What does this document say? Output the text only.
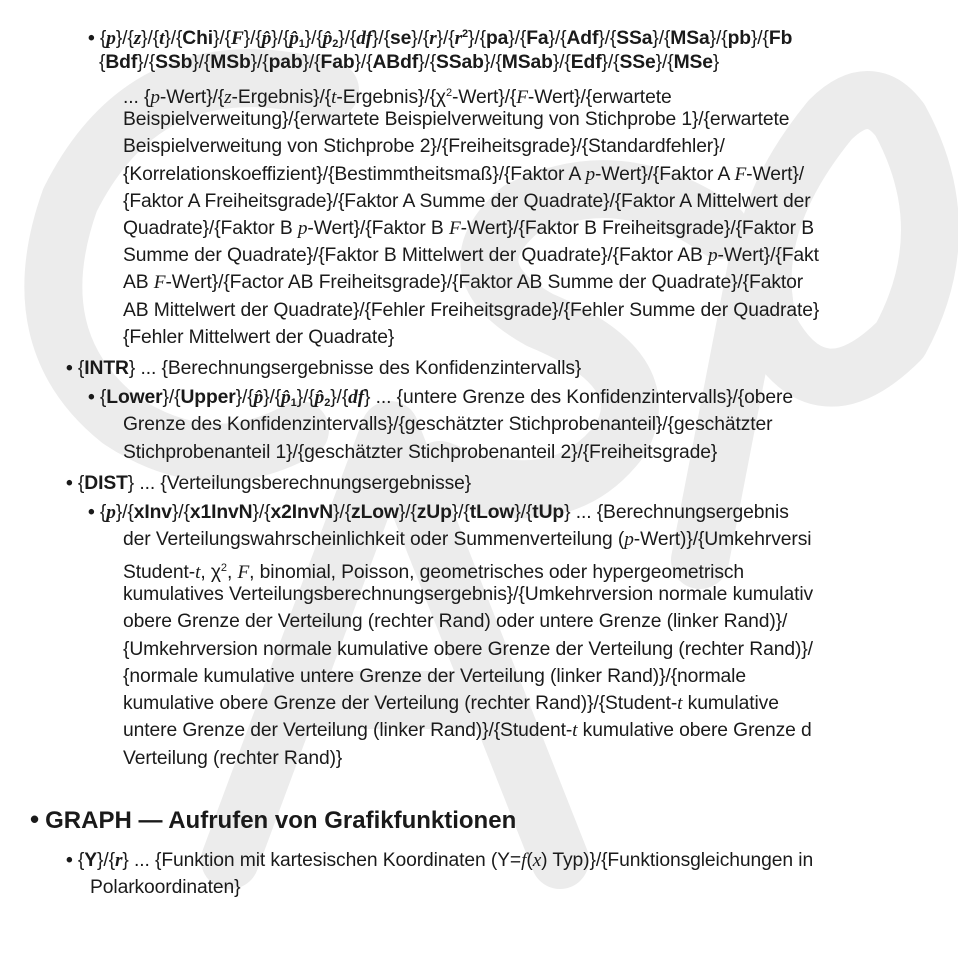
• $\{p\}/\{z\}/\{t\}/\{Chi\}/\{F\}/\{p̂\}/\{p̂_1\}/\{p̂_2\}/\{df\}/\{se\}/\{r\}/\{r^2\}/\{pa\}/\{Fa\}/\{Adf\}/\{SSa\}/\{MSa\}/\{pb\}/\{Fb$
{Bdf}/{SSb}/{MSb}/{pab}/{Fab}/{ABdf}/{SSab}/{MSab}/{Edf}/{SSe}/{MSe}
... $\{p-Wert\}/\{z-Ergebnis\}/\{t-Ergebnis\}/\{\chi^2-Wert\}/\{F-Wert\}/\{erwartete$
Beispielverweitung}/{erwartete Beispielverweitung von Stichprobe 1}/{erwartete
Beispielverweitung von Stichprobe 2}/{Freiheitsgrade}/{Standardfehler}/
{Korrelationskoeffizient}/{Bestimmtheitsmaß}/{Faktor A p-Wert}/{Faktor A F-Wert}/
{Faktor A Freiheitsgrade}/{Faktor A Summe der Quadrate}/{Faktor A Mittelwert der
Quadrate}/{Faktor B p-Wert}/{Faktor B F-Wert}/{Faktor B Freiheitsgrade}/{Faktor B
Summe der Quadrate}/{Faktor B Mittelwert der Quadrate}/{Faktor AB p-Wert}/{Fakt
AB F-Wert}/{Factor AB Freiheitsgrade}/{Faktor AB Summe der Quadrate}/{Faktor
AB Mittelwert der Quadrate}/{Fehler Freiheitsgrade}/{Fehler Summe der Quadrate}
{Fehler Mittelwert der Quadrate}
• {INTR} ... {Berechnungsergebnisse des Konfidenzintervalls}
• $\{Lower\}/\{Upper\}/\{p̂\}/\{p̂_1\}/\{p̂_2\}/\{df\}$ ... {untere Grenze des Konfidenzintervalls}/{obere
Grenze des Konfidenzintervalls}/{geschätzter Stichprobenanteil}/{geschätzter
Stichprobenanteil 1}/{geschätzter Stichprobenanteil 2}/{Freiheitsgrade}
• {DIST} ... {Verteilungsberechnungsergebnisse}
• {p}/{xInv}/{x1InvN}/{x2InvN}/{zLow}/{zUp}/{tLow}/{tUp} ... {Berechnungsergebnis
der Verteilungswahrscheinlichkeit oder Summenverteilung (p-Wert)}/{Umkehrversi
Student-t, $\chi^2$, F, binomial, Poisson, geometrisches oder hypergeometrisch
kumulatives Verteilungsberechnungsergebnis}/{Umkehrversion normale kumulativ
obere Grenze der Verteilung (rechter Rand) oder untere Grenze (linker Rand)}/
{Umkehrversion normale kumulative obere Grenze der Verteilung (rechter Rand)}/
{normale kumulative untere Grenze der Verteilung (linker Rand)}/{normale
kumulative obere Grenze der Verteilung (rechter Rand)}/{Student-t kumulative
untere Grenze der Verteilung (linker Rand)}/{Student-t kumulative obere Grenze d
Verteilung (rechter Rand)}
• GRAPH — Aufrufen von Grafikfunktionen
• {Y}/{r} ... {Funktion mit kartesischen Koordinaten (Y=f(x) Typ)}/{Funktionsgleichungen in
Polarkoordinaten}
